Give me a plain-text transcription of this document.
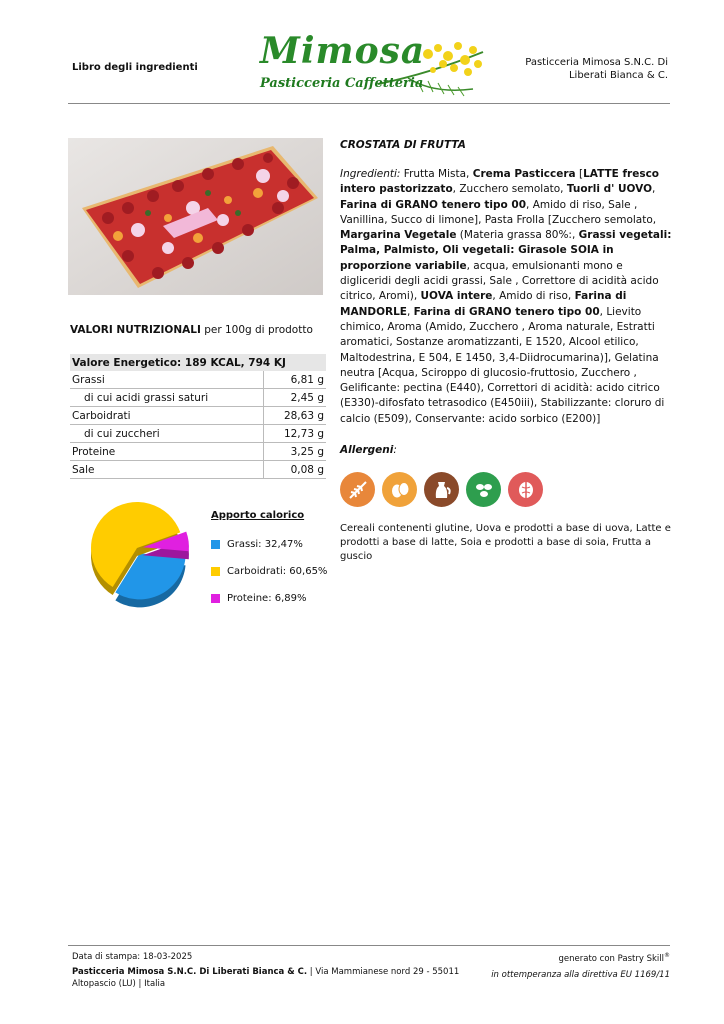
Libro degli ingredienti Mimosa
Pasticceria Caffetteria
Pasticceria Mimosa S.N.C. Di
Liberati Bianca & C.
CROSTATA DI FRUTTA
Ingredienti: Frutta Mista, Crema Pasticcera [LATTE fresco intero pastorizzato, Zucchero semolato, Tuorli d' UOVO, Farina di GRANO tenero tipo 00, Amido di riso, Sale , Vanillina, Succo di limone], Pasta Frolla [Zucchero semolato, Margarina Vegetale (Materia grassa 80%:, Grassi vegetali: Palma, Palmisto, Oli vegetali: Girasole SOIA in proporzione variabile, acqua, emulsionanti mono e digliceridi degli acidi grassi, Sale , Correttore di acidità acido citrico, Aromi), UOVA intere, Amido di riso, Farina di MANDORLE, Farina di GRANO tenero tipo 00, Lievito chimico, Aroma (Amido, Zucchero , Aroma naturale, Estratti aromatici, Sostanze aromatizzanti, E 1520, Alcool etilico, Maltodestrina, E 504, E 1450, 3,4-Diidrocumarina)], Gelatina neutra [Acqua, Sciroppo di glucosio-fruttosio, Zucchero , Gelificante: pectina (E440), Correttori di acidità: acido citrico (E330)-difosfato tetrasodico (E450iii), Stabilizzante: cloruro di calcio (E509), Conservante: acido sorbico (E200)]
Allergeni:
Cereali contenenti glutine, Uova e prodotti a base di uova, Latte e prodotti a base di latte, Soia e prodotti a base di soia, Frutta a guscio
VALORI NUTRIZIONALI per 100g di prodotto
Valore Energetico: 189 KCAL, 794 KJ	
Grassi	6,81 g
di cui acidi grassi saturi	2,45 g
Carboidrati	28,63 g
di cui zuccheri	12,73 g
Proteine	3,25 g
Sale	0,08 g
Apporto calorico
Grassi: 32,47%
Carboidrati: 60,65%
Proteine: 6,89%
Data di stampa: 18-03-2025	generato con Pastry Skill®
Pasticceria Mimosa S.N.C. Di Liberati Bianca & C. | Via Mammianese nord 29 - 55011 Altopascio (LU) | Italia
in ottemperanza alla direttiva EU 1169/11
